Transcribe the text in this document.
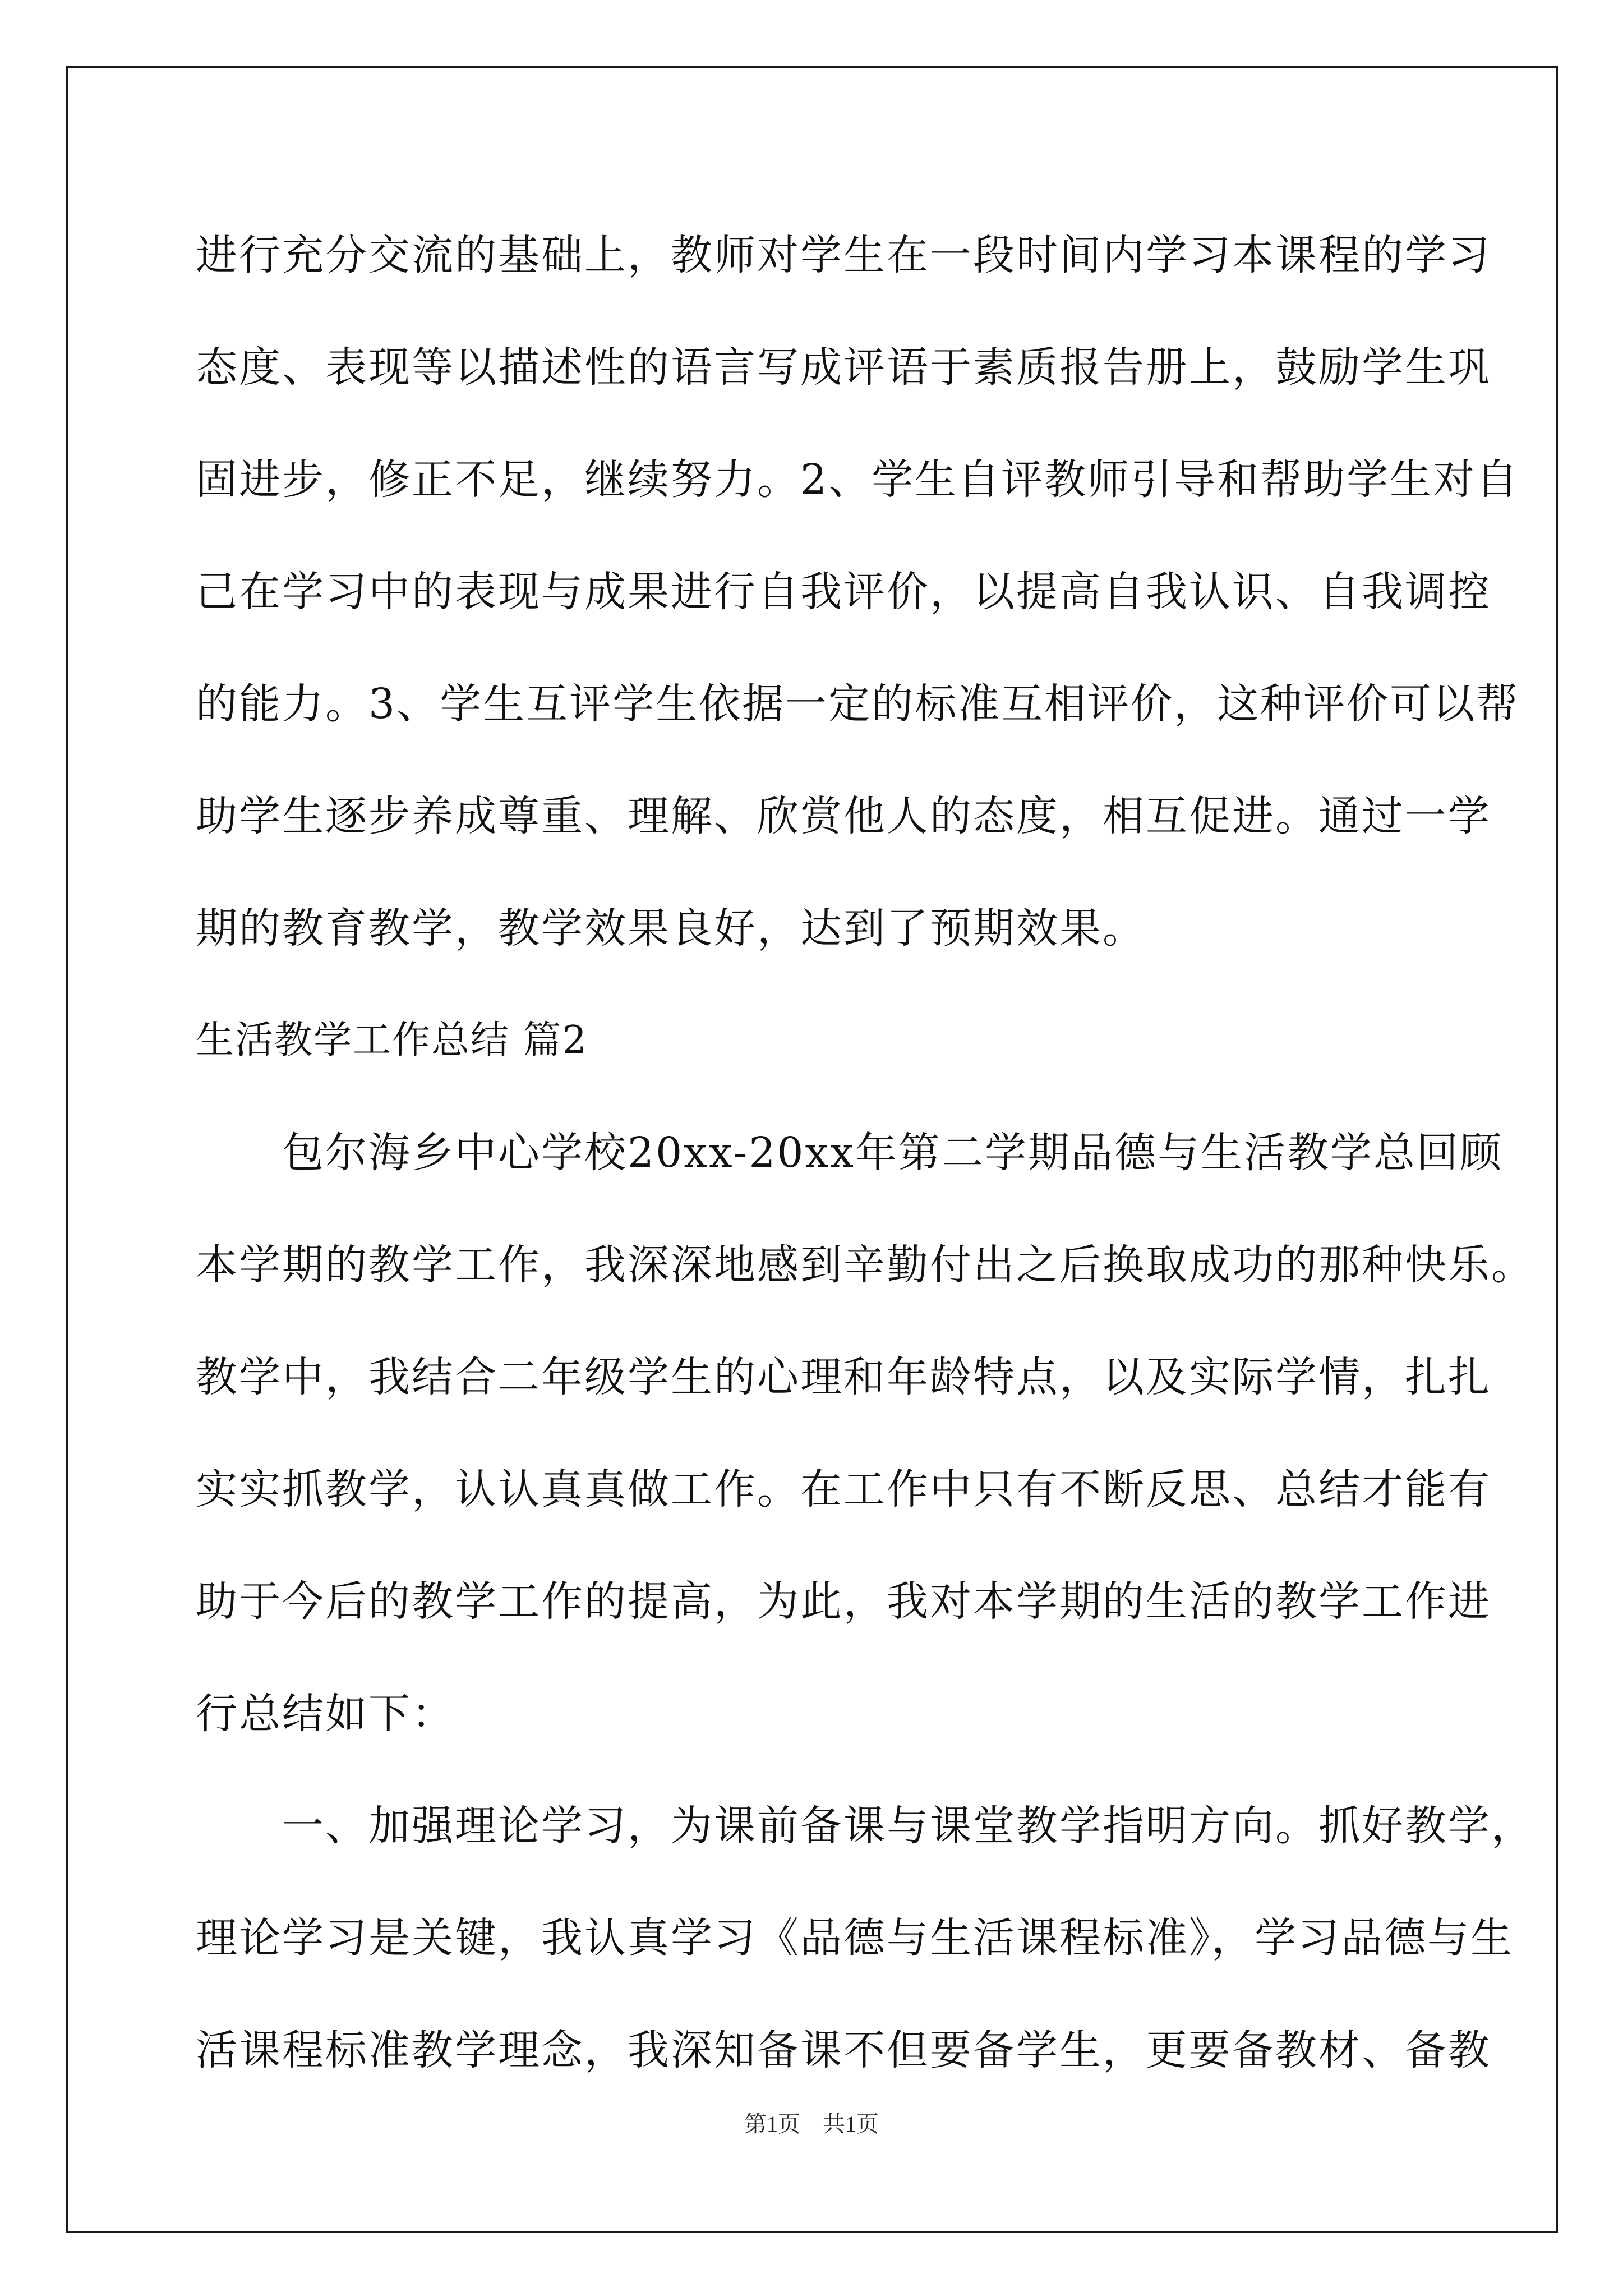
进行充分交流的基础上，教师对学生在一段时间内学习本课程的学习
态度、表现等以描述性的语言写成评语于素质报告册上，鼓励学生巩
固进步，修正不足，继续努力。2、学生自评教师引导和帮助学生对自
己在学习中的表现与成果进行自我评价，以提高自我认识、自我调控
的能力。3、学生互评学生依据一定的标准互相评价，这种评价可以帮
助学生逐步养成尊重、理解、欣赏他人的态度，相互促进。通过一学
期的教育教学，教学效果良好，达到了预期效果。
生活教学工作总结 篇2
　　包尔海乡中心学校20xx-20xx年第二学期品德与生活教学总回顾
本学期的教学工作，我深深地感到辛勤付出之后换取成功的那种快乐。
教学中，我结合二年级学生的心理和年龄特点，以及实际学情，扎扎
实实抓教学，认认真真做工作。在工作中只有不断反思、总结才能有
助于今后的教学工作的提高，为此，我对本学期的生活的教学工作进
行总结如下：
　　一、加强理论学习，为课前备课与课堂教学指明方向。抓好教学，
理论学习是关键，我认真学习《品德与生活课程标准》，学习品德与生
活课程标准教学理念，我深知备课不但要备学生，更要备教材、备教
第1页　共1页
